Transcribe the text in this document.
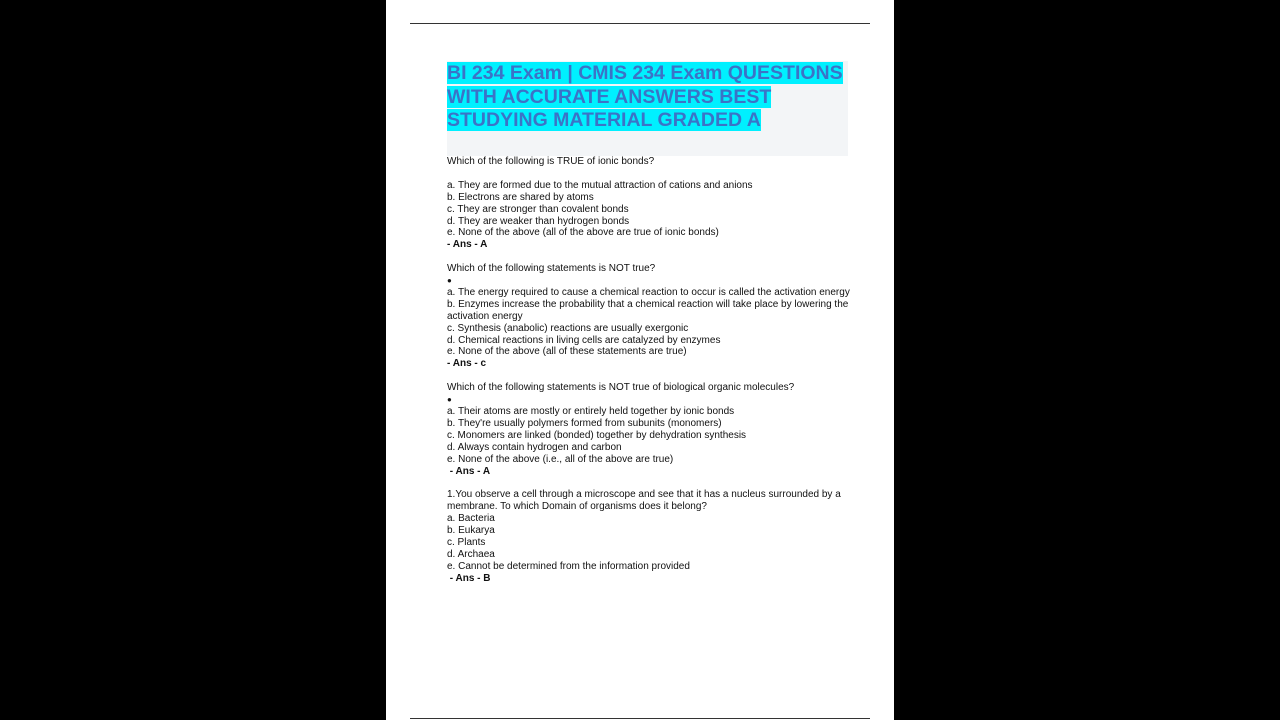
BI 234 Exam | CMIS 234 Exam QUESTIONS WITH ACCURATE ANSWERS BEST STUDYING MATERIAL GRADED A
Which of the following is TRUE of ionic bonds?
a. They are formed due to the mutual attraction of cations and anions
b. Electrons are shared by atoms
c. They are stronger than covalent bonds
d. They are weaker than hydrogen bonds
e. None of the above (all of the above are true of ionic bonds)
- Ans - A
Which of the following statements is NOT true?
●
a. The energy required to cause a chemical reaction to occur is called the activation energy
b. Enzymes increase the probability that a chemical reaction will take place by lowering the activation energy
c. Synthesis (anabolic) reactions are usually exergonic
d. Chemical reactions in living cells are catalyzed by enzymes
e. None of the above (all of these statements are true)
- Ans - c
Which of the following statements is NOT true of biological organic molecules?
●
a. Their atoms are mostly or entirely held together by ionic bonds
b. They're usually polymers formed from subunits (monomers)
c. Monomers are linked (bonded) together by dehydration synthesis
d. Always contain hydrogen and carbon
e. None of the above (i.e., all of the above are true)
- Ans - A
1.You observe a cell through a microscope and see that it has a nucleus surrounded by a membrane. To which Domain of organisms does it belong?
a. Bacteria
b. Eukarya
c. Plants
d. Archaea
e. Cannot be determined from the information provided
- Ans - B
